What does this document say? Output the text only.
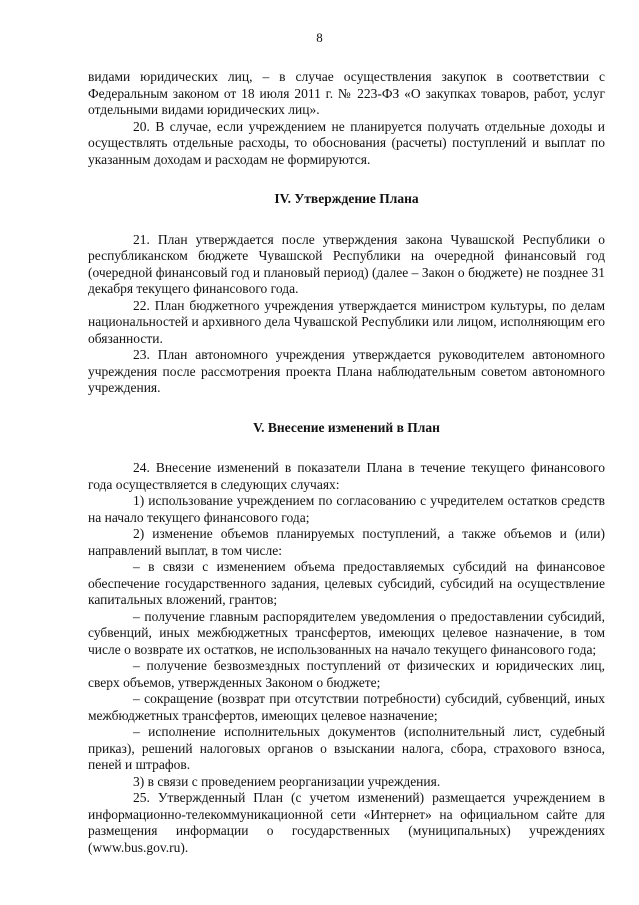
8

видами юридических лиц, – в случае осуществления закупок в соответствии с Федеральным законом от 18 июля 2011 г. № 223-ФЗ «О закупках товаров, работ, услуг отдельными видами юридических лиц».

20. В случае, если учреждением не планируется получать отдельные доходы и осуществлять отдельные расходы, то обоснования (расчеты) поступлений и выплат по указанным доходам и расходам не формируются.

IV. Утверждение Плана

21. План утверждается после утверждения закона Чувашской Республики о республиканском бюджете Чувашской Республики на очередной финансовый год (очередной финансовый год и плановый период) (далее – Закон о бюджете) не позднее 31 декабря текущего финансового года.

22. План бюджетного учреждения утверждается министром культуры, по делам национальностей и архивного дела Чувашской Республики или лицом, исполняющим его обязанности.

23. План автономного учреждения утверждается руководителем автономного учреждения после рассмотрения проекта Плана наблюдательным советом автономного учреждения.

V. Внесение изменений в План

24. Внесение изменений в показатели Плана в течение текущего финансового года осуществляется в следующих случаях:

1) использование учреждением по согласованию с учредителем остатков средств на начало текущего финансового года;

2) изменение объемов планируемых поступлений, а также объемов и (или) направлений выплат, в том числе:

– в связи с изменением объема предоставляемых субсидий на финансовое обеспечение государственного задания, целевых субсидий, субсидий на осуществление капитальных вложений, грантов;

– получение главным распорядителем уведомления о предоставлении субсидий, субвенций, иных межбюджетных трансфертов, имеющих целевое назначение, в том числе о возврате их остатков, не использованных на начало текущего финансового года;

– получение безвозмездных поступлений от физических и юридических лиц, сверх объемов, утвержденных Законом о бюджете;

– сокращение (возврат при отсутствии потребности) субсидий, субвенций, иных межбюджетных трансфертов, имеющих целевое назначение;

– исполнение исполнительных документов (исполнительный лист, судебный приказ), решений налоговых органов о взыскании налога, сбора, страхового взноса, пеней и штрафов.

3) в связи с проведением реорганизации учреждения.

25. Утвержденный План (с учетом изменений) размещается учреждением в информационно-телекоммуникационной сети «Интернет» на официальном сайте для размещения информации о государственных (муниципальных) учреждениях (www.bus.gov.ru).
